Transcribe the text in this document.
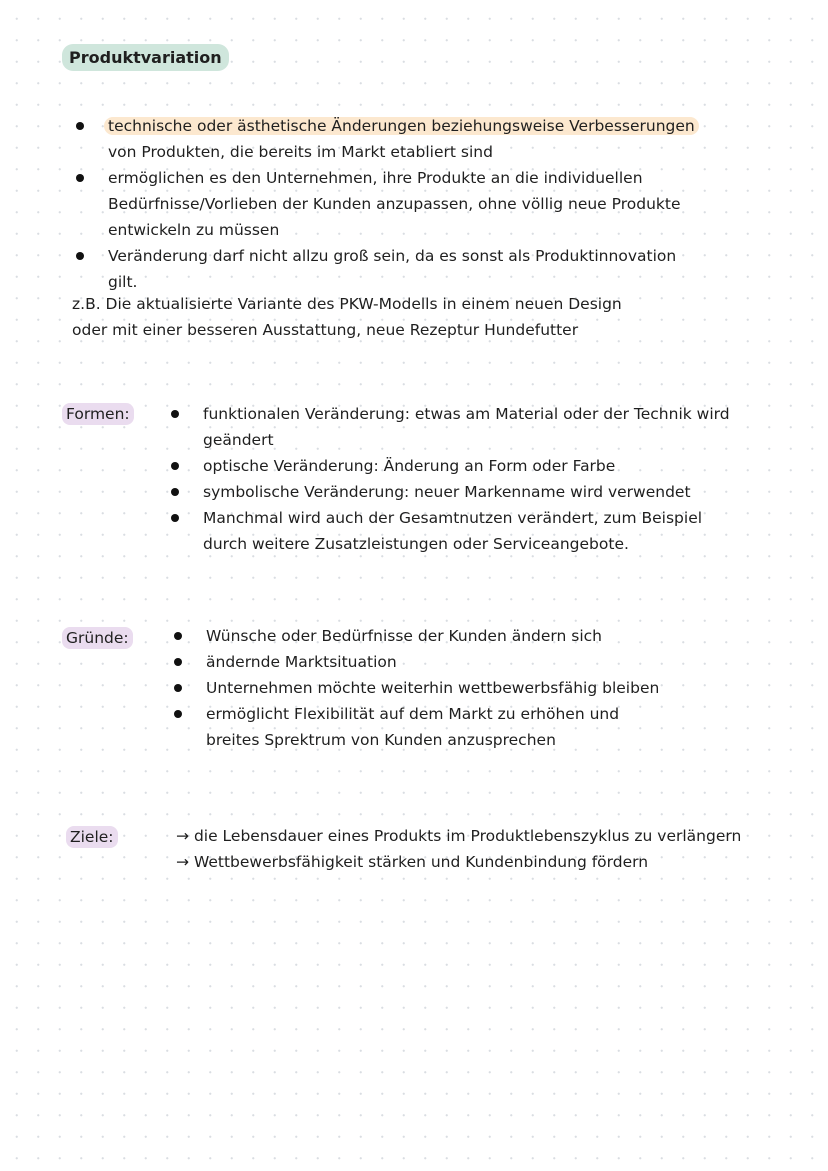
Produktvariation
technische oder ästhetische Änderungen beziehungsweise Verbesserungen
von Produkten, die bereits im Markt etabliert sind
ermöglichen es den Unternehmen, ihre Produkte an die individuellen
Bedürfnisse/Vorlieben der Kunden anzupassen, ohne völlig neue Produkte
entwickeln zu müssen
Veränderung darf nicht allzu groß sein, da es sonst als Produktinnovation
gilt.
z.B. Die aktualisierte Variante des PKW-Modells in einem neuen Design
oder mit einer besseren Ausstattung, neue Rezeptur Hundefutter
Formen:	funktionalen Veränderung: etwas am Material oder der Technik wird
geändert
optische Veränderung: Änderung an Form oder Farbe
symbolische Veränderung: neuer Markenname wird verwendet
Manchmal wird auch der Gesamtnutzen verändert, zum Beispiel
durch weitere Zusatzleistungen oder Serviceangebote.
Gründe:	Wünsche oder Bedürfnisse der Kunden ändern sich
ändernde Marktsituation
Unternehmen möchte weiterhin wettbewerbsfähig bleiben
ermöglicht Flexibilität auf dem Markt zu erhöhen und
breites Sprektrum von Kunden anzusprechen
Ziele:	→ die Lebensdauer eines Produkts im Produktlebenszyklus zu verlängern
→ Wettbewerbsfähigkeit stärken und Kundenbindung fördern
